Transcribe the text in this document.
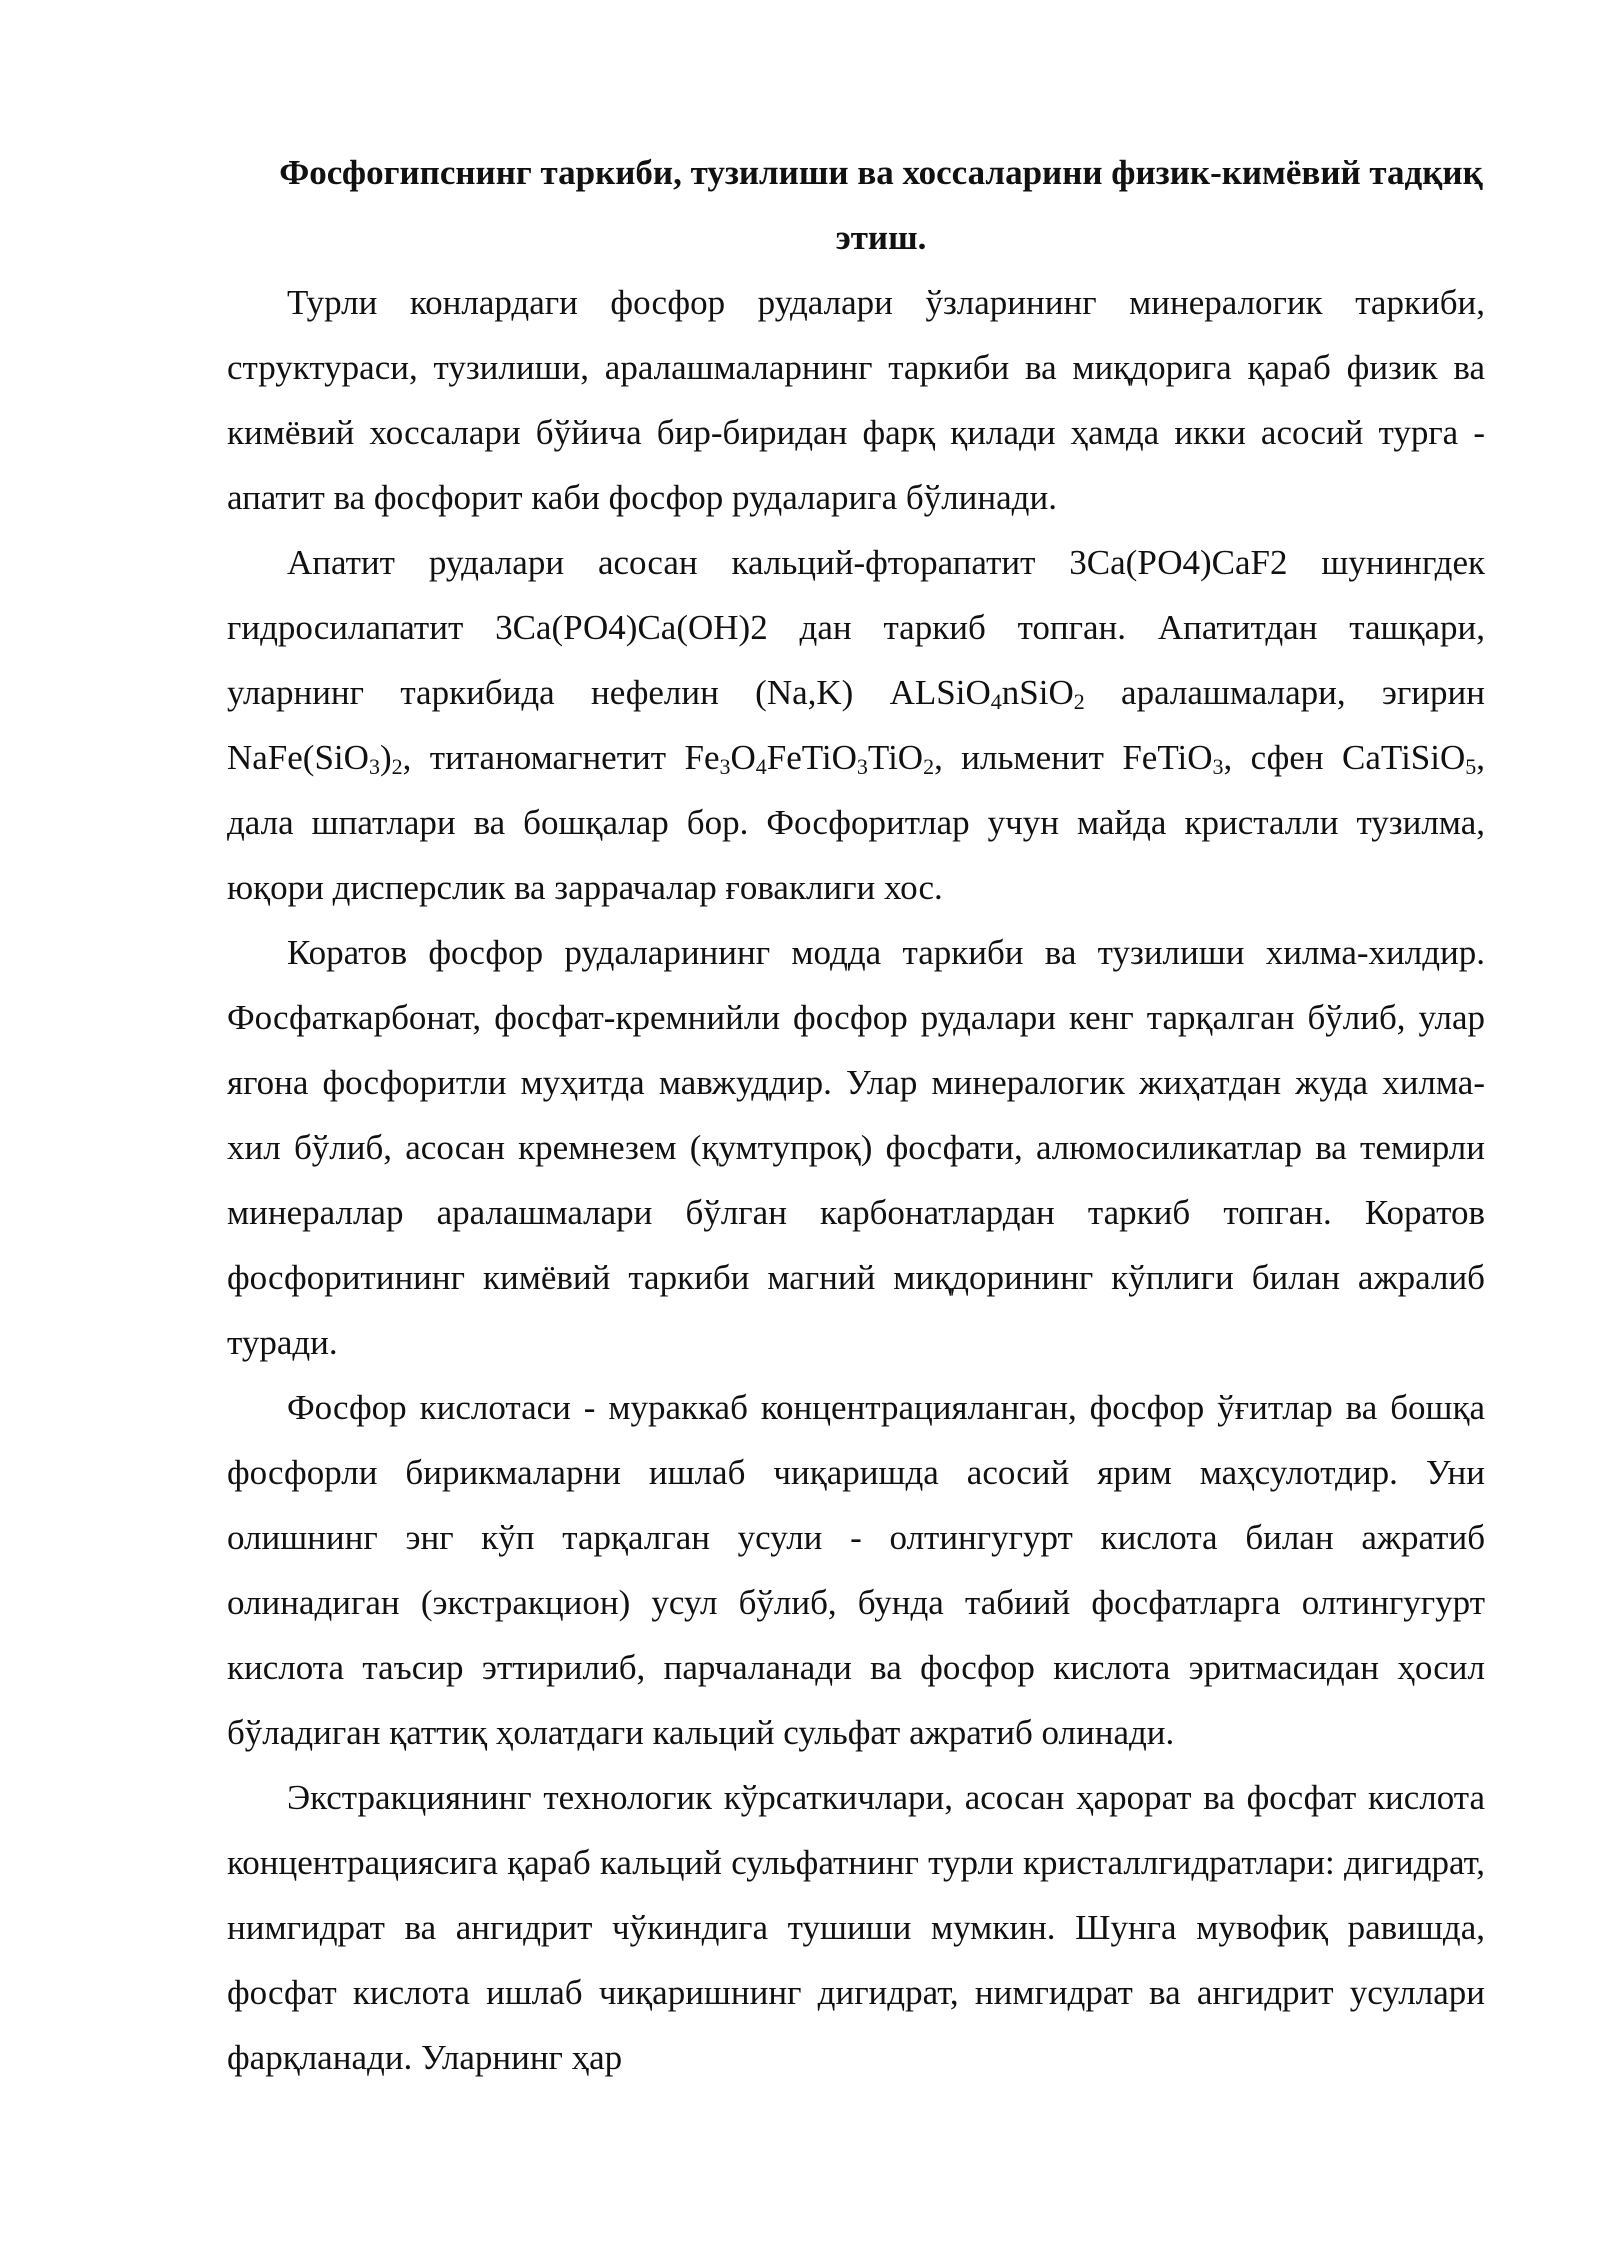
Фосфогипснинг таркиби, тузилиши ва хоссаларини физик-кимёвий тадқиқ этиш.

Турли конлардаги фосфор рудалари ўзларининг минералогик таркиби, структураси, тузилиши, аралашмаларнинг таркиби ва миқдорига қараб физик ва кимёвий хоссалари бўйича бир-биридан фарқ қилади ҳамда икки асосий турга - апатит ва фосфорит каби фосфор рудаларига бўлинади.

Апатит рудалари асосан кальций-фторапатит 3Са(РО4)СаF2 шунингдек гидросилапатит 3Са(РО4)Са(ОН)2 дан таркиб топган. Апатитдан ташқари, уларнинг таркибида нефелин (Na,K) ALSiO$_4$nSiO$_2$ аралашмалари, эгирин $NaFe(SiO_3)_2$, титаномагнетит $Fe_3O_4FeTiO_3TiO_2$, ильменит FeTiO$_3$, сфен CaTiSiO$_5$, дала шпатлари ва бошқалар бор. Фосфоритлар учун майда кристалли тузилма, юқори дисперслик ва заррачалар ғоваклиги хос.

Коратов фосфор рудаларининг модда таркиби ва тузилиши хилма-хилдир. Фосфаткарбонат, фосфат-кремнийли фосфор рудалари кенг тарқалган бўлиб, улар ягона фосфоритли муҳитда мавжуддир. Улар минералогик жиҳатдан жуда хилма-хил бўлиб, асосан кремнезем (қумтупроқ) фосфати, алюмосиликатлар ва темирли минераллар аралашмалари бўлган карбонатлардан таркиб топган. Коратов фосфоритининг кимёвий таркиби магний миқдорининг кўплиги билан ажралиб туради.

Фосфор кислотаси - мураккаб концентрацияланган, фосфор ўғитлар ва бошқа фосфорли бирикмаларни ишлаб чиқаришда асосий ярим маҳсулотдир. Уни олишнинг энг кўп тарқалган усули - олтингугурт кислота билан ажратиб олинадиган (экстракцион) усул бўлиб, бунда табиий фосфатларга олтингугурт кислота таъсир эттирилиб, парчаланади ва фосфор кислота эритмасидан ҳосил бўладиган қаттиқ ҳолатдаги кальций сульфат ажратиб олинади.

Экстракциянинг технологик кўрсаткичлари, асосан ҳарорат ва фосфат кислота концентрациясига қараб кальций сульфатнинг турли кристаллгидратлари: дигидрат, нимгидрат ва ангидрит чўкиндига тушиши мумкин. Шунга мувофиқ равишда, фосфат кислота ишлаб чиқаришнинг дигидрат, нимгидрат ва ангидрит усуллари фарқланади. Уларнинг ҳар
